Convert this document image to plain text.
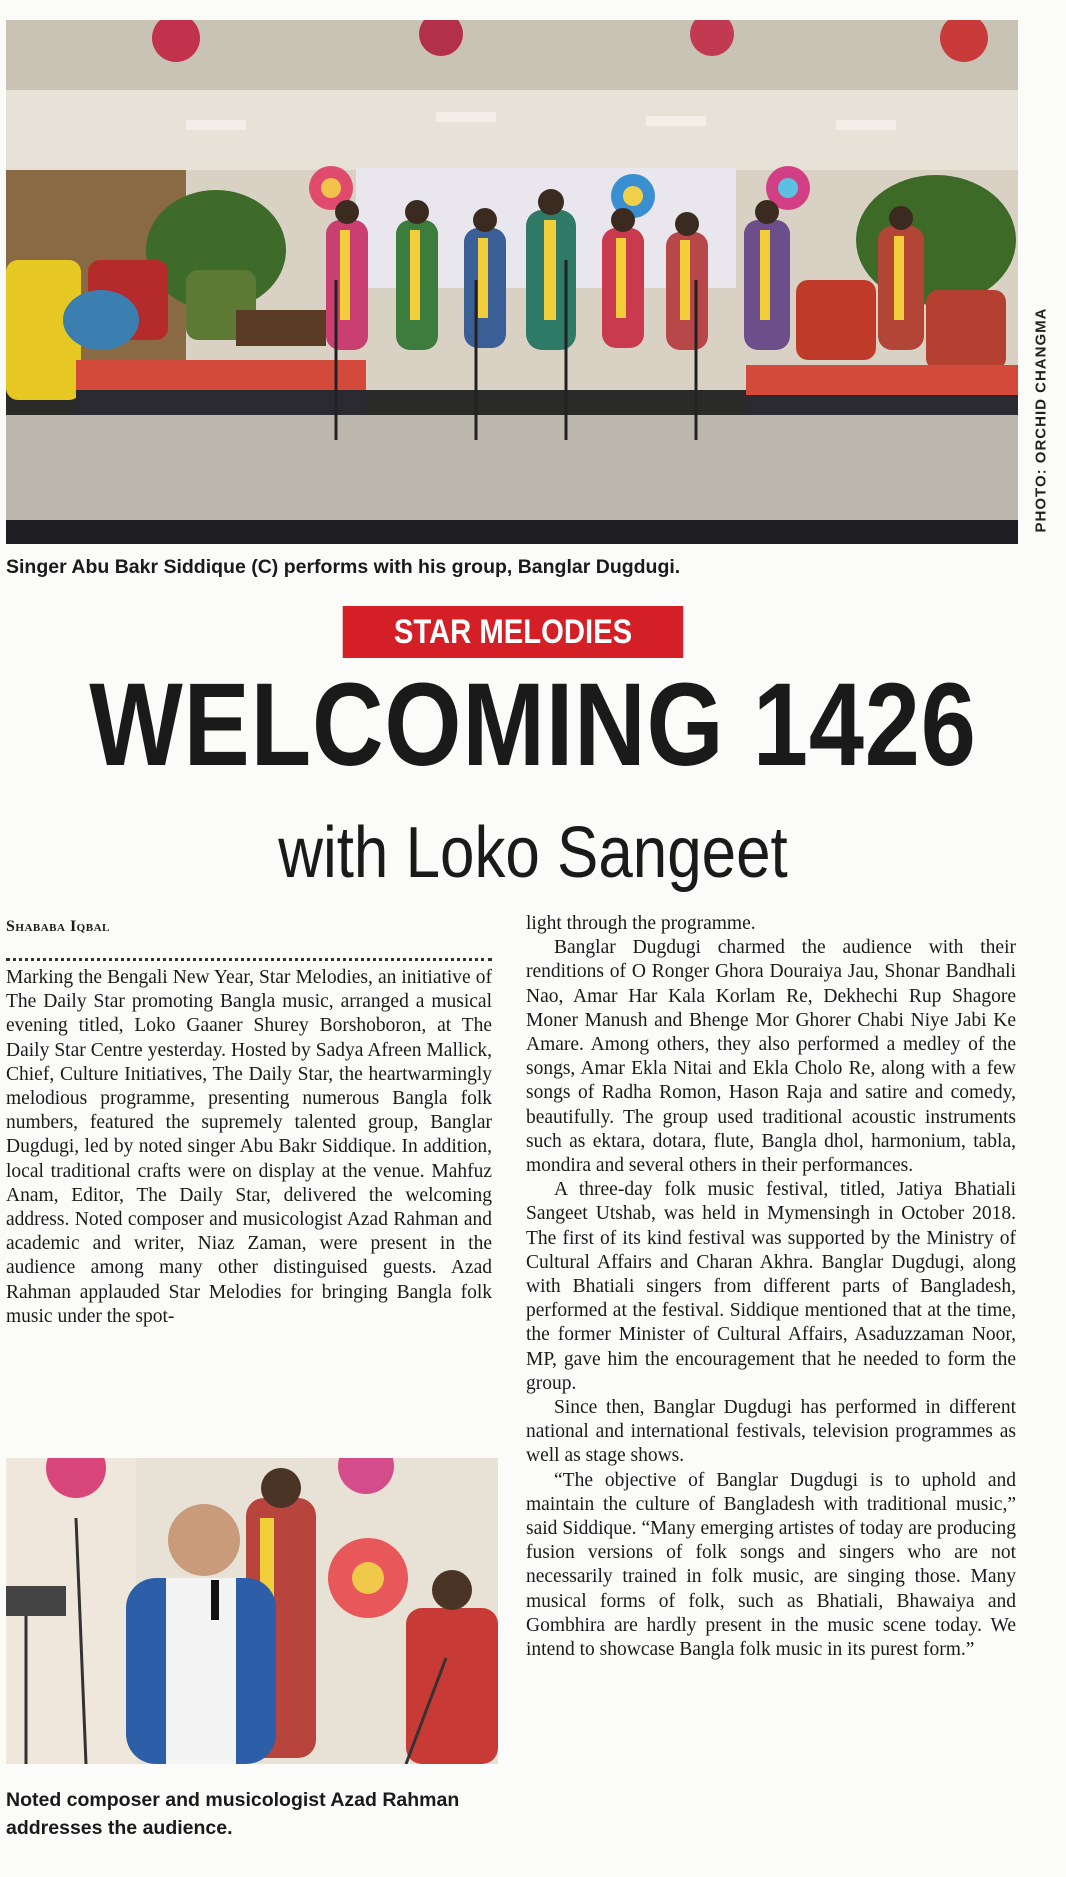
PHOTO: ORCHID CHANGMA
Singer Abu Bakr Siddique (C) performs with his group, Banglar Dugdugi.
STAR MELODIES
WELCOMING 1426
with Loko Sangeet
Shababa Iqbal

Marking the Bengali New Year, Star Melodies, an initiative of The Daily Star promoting Bangla music, arranged a musical evening titled, Loko Gaaner Shurey Borshoboron, at The Daily Star Centre yesterday. Hosted by Sadya Afreen Mallick, Chief, Culture Initiatives, The Daily Star, the heartwarmingly melodious programme, presenting numerous Bangla folk numbers, featured the supremely talented group, Banglar Dugdugi, led by noted singer Abu Bakr Siddique. In addition, local traditional crafts were on display at the venue. Mahfuz Anam, Editor, The Daily Star, delivered the welcoming address. Noted composer and musicologist Azad Rahman and academic and writer, Niaz Zaman, were present in the audience among many other distinguised guests. Azad Rahman applauded Star Melodies for bringing Bangla folk music under the spot-

Noted composer and musicologist Azad Rahman addresses the audience.

light through the programme.

Banglar Dugdugi charmed the audience with their renditions of O Ronger Ghora Douraiya Jau, Shonar Bandhali Nao, Amar Har Kala Korlam Re, Dekhechi Rup Shagore Moner Manush and Bhenge Mor Ghorer Chabi Niye Jabi Ke Amare. Among others, they also performed a medley of the songs, Amar Ekla Nitai and Ekla Cholo Re, along with a few songs of Radha Romon, Hason Raja and satire and comedy, beautifully. The group used traditional acoustic instruments such as ektara, dotara, flute, Bangla dhol, harmonium, tabla, mondira and several others in their performances.

A three-day folk music festival, titled, Jatiya Bhatiali Sangeet Utshab, was held in Mymensingh in October 2018. The first of its kind festival was supported by the Ministry of Cultural Affairs and Charan Akhra. Banglar Dugdugi, along with Bhatiali singers from different parts of Bangladesh, performed at the festival. Siddique mentioned that at the time, the former Minister of Cultural Affairs, Asaduzzaman Noor, MP, gave him the encouragement that he needed to form the group.

Since then, Banglar Dugdugi has performed in different national and international festivals, television programmes as well as stage shows.

“The objective of Banglar Dugdugi is to uphold and maintain the culture of Bangladesh with traditional music,” said Siddique. “Many emerging artistes of today are producing fusion versions of folk songs and singers who are not necessarily trained in folk music, are singing those. Many musical forms of folk, such as Bhatiali, Bhawaiya and Gombhira are hardly present in the music scene today. We intend to showcase Bangla folk music in its purest form.”
